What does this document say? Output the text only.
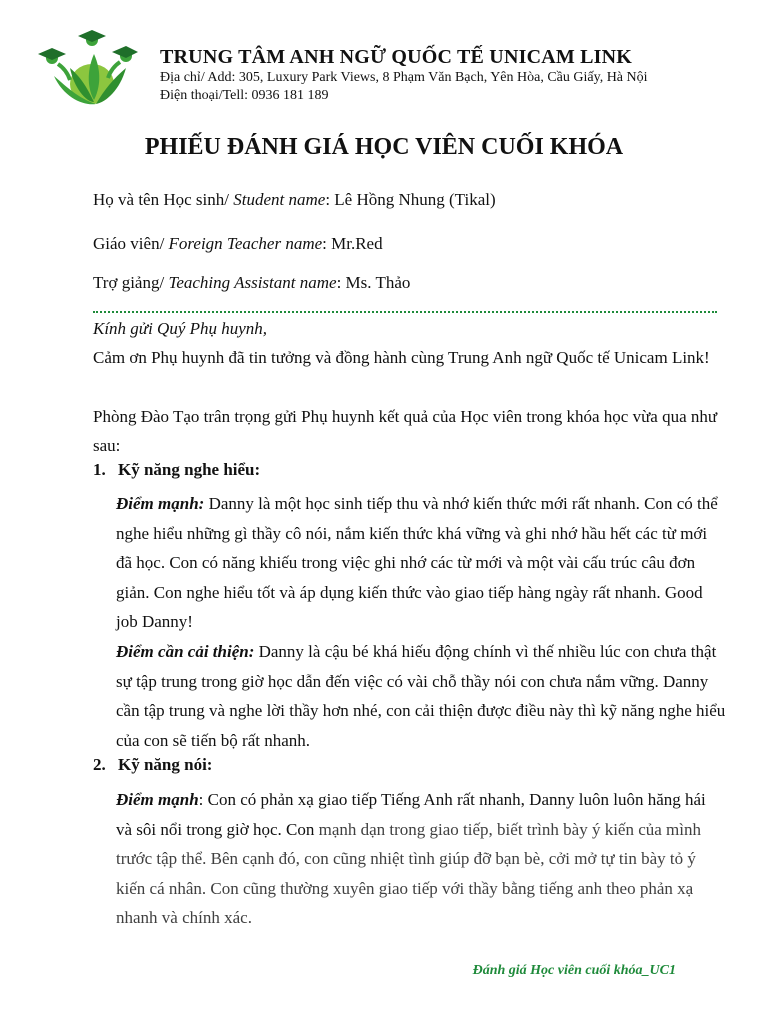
TRUNG TÂM ANH NGỮ QUỐC TẾ UNICAM LINK
Địa chỉ/ Add: 305, Luxury Park Views, 8 Phạm Văn Bạch, Yên Hòa, Cầu Giấy, Hà Nội
Điện thoại/Tell: 0936 181 189
PHIẾU ĐÁNH GIÁ HỌC VIÊN CUỐI KHÓA
Họ và tên Học sinh/ Student name: Lê Hồng Nhung (Tikal)
Giáo viên/ Foreign Teacher name: Mr.Red
Trợ giảng/ Teaching Assistant name: Ms. Thảo
Kính gửi Quý Phụ huynh,
Cảm ơn Phụ huynh đã tin tưởng và đồng hành cùng Trung Anh ngữ Quốc tế Unicam Link!
Phòng Đào Tạo trân trọng gửi Phụ huynh kết quả của Học viên trong khóa học vừa qua như sau:
1. Kỹ năng nghe hiểu:
Điểm mạnh: Danny là một học sinh tiếp thu và nhớ kiến thức mới rất nhanh. Con có thể nghe hiểu những gì thầy cô nói, nắm kiến thức khá vững và ghi nhớ hầu hết các từ mới đã học. Con có năng khiếu trong việc ghi nhớ các từ mới và một vài cấu trúc câu đơn giản. Con nghe hiểu tốt và áp dụng kiến thức vào giao tiếp hàng ngày rất nhanh. Good job Danny!
Điểm cần cải thiện: Danny là cậu bé khá hiếu động chính vì thế nhiều lúc con chưa thật sự tập trung trong giờ học dẫn đến việc có vài chỗ thầy nói con chưa nắm vững. Danny cần tập trung và nghe lời thầy hơn nhé, con cải thiện được điều này thì kỹ năng nghe hiểu của con sẽ tiến bộ rất nhanh.
2. Kỹ năng nói:
Điểm mạnh: Con có phản xạ giao tiếp Tiếng Anh rất nhanh, Danny luôn luôn hăng hái và sôi nổi trong giờ học. Con mạnh dạn trong giao tiếp, biết trình bày ý kiến của mình trước tập thể. Bên cạnh đó, con cũng nhiệt tình giúp đỡ bạn bè, cởi mở tự tin bày tỏ ý kiến cá nhân. Con cũng thường xuyên giao tiếp với thầy bằng tiếng anh theo phản xạ nhanh và chính xác.
Đánh giá Học viên cuối khóa_UC1
